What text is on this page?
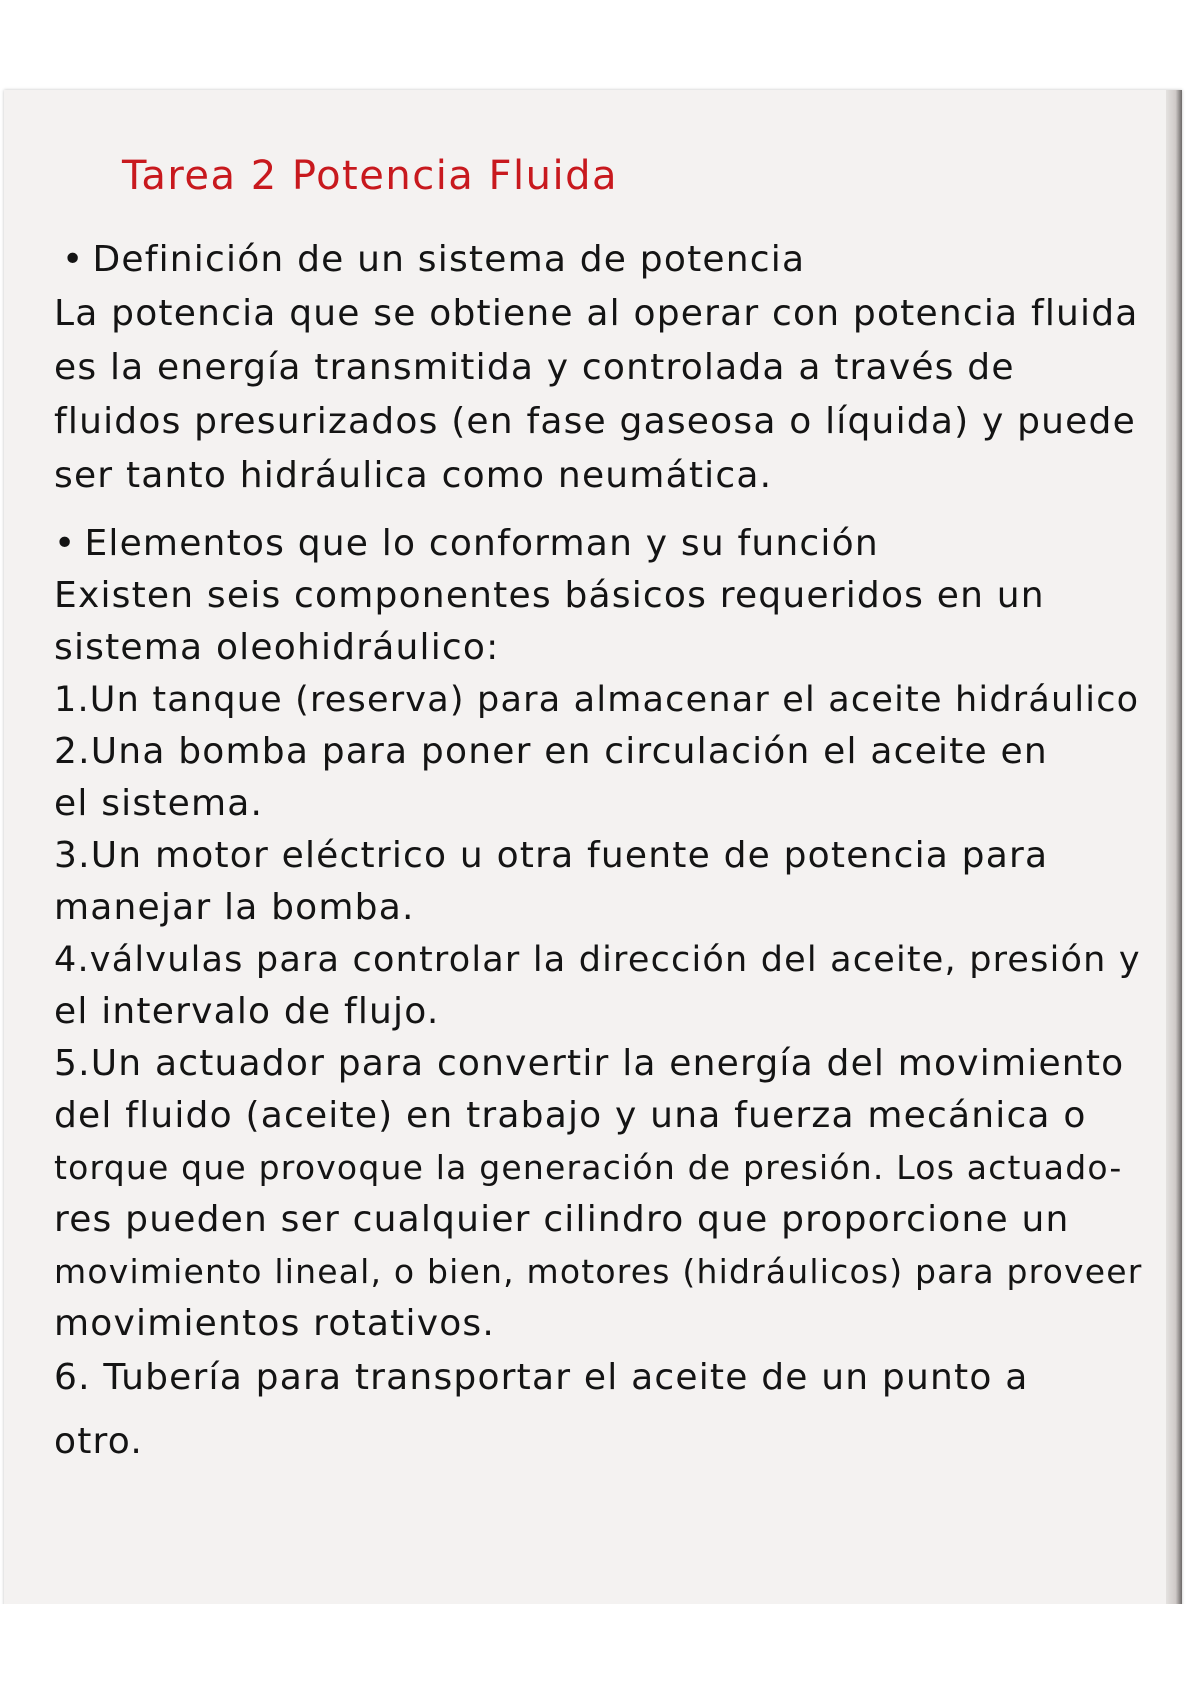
Tarea 2 Potencia Fluida
• Definición de un sistema de potencia
La potencia que se obtiene al operar con potencia fluida
es la energía transmitida y controlada a través de
fluidos presurizados (en fase gaseosa o líquida) y puede
ser tanto hidráulica como neumática.
• Elementos que lo conforman y su función
Existen seis componentes básicos requeridos en un
sistema oleohidráulico:
1.Un tanque (reserva) para almacenar el aceite hidráulico
2.Una bomba para poner en circulación el aceite en
el sistema.
3.Un motor eléctrico u otra fuente de potencia para
manejar la bomba.
4.válvulas para controlar la dirección del aceite, presión y
el intervalo de flujo.
5.Un actuador para convertir la energía del movimiento
del fluido (aceite) en trabajo y una fuerza mecánica o
torque que provoque la generación de presión. Los actuado-
res pueden ser cualquier cilindro que proporcione un
movimiento lineal, o bien, motores (hidráulicos) para proveer
movimientos rotativos.
6. Tubería para transportar el aceite de un punto a
otro.
